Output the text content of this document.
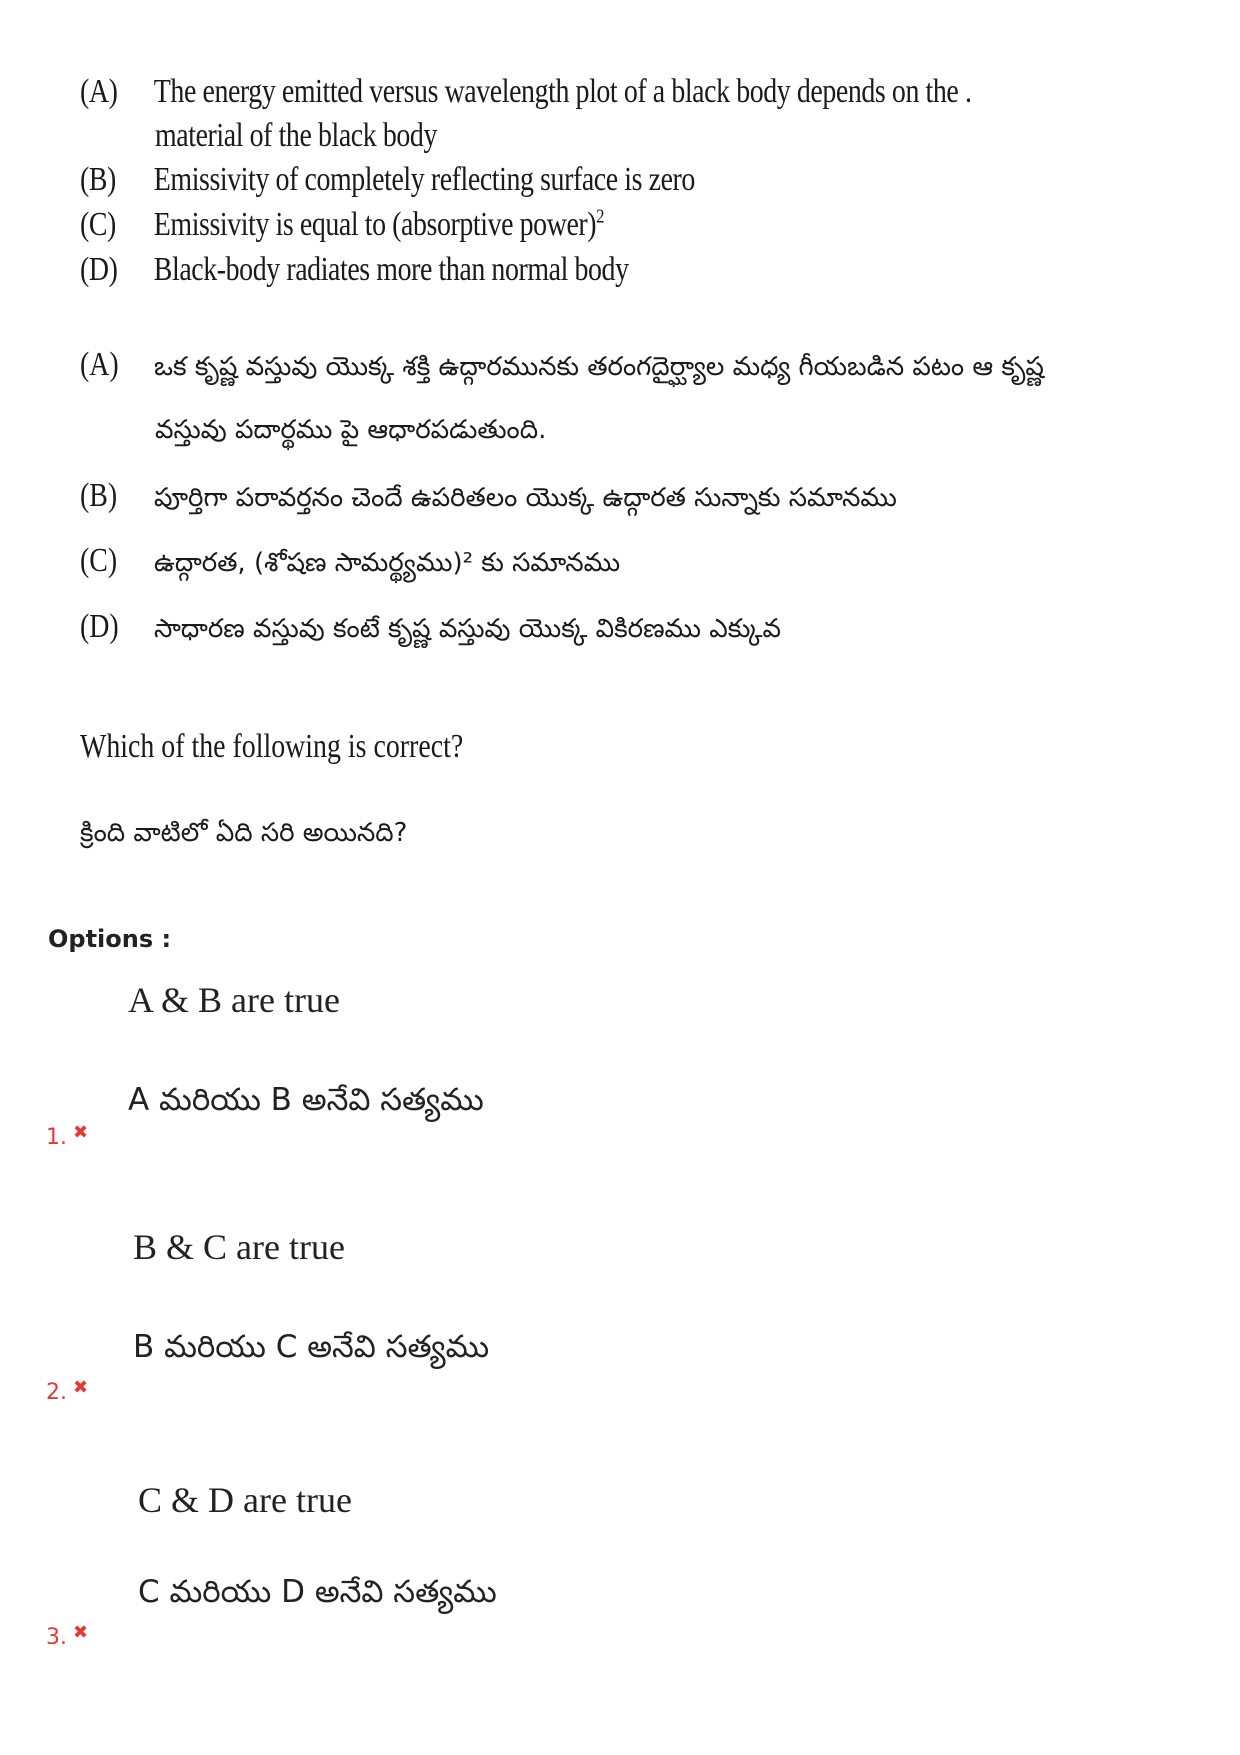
(A) The energy emitted versus wavelength plot of a black body depends on the .
material of the black body
(B) Emissivity of completely reflecting surface is zero
(C) Emissivity is equal to (absorptive power)$^2$
(D) Black-body radiates more than normal body
(A) ఒక కృష్ణ వస్తువు యొక్క శక్తి ఉద్గారమునకు తరంగదైర్ఘ్యాల మధ్య గీయబడిన పటం ఆ కృష్ణ
వస్తువు పదార్థము పై ఆధారపడుతుంది.
(B) పూర్తిగా పరావర్తనం చెందే ఉపరితలం యొక్క ఉద్గారత సున్నాకు సమానము
(C) ఉద్గారత, (శోషణ సామర్థ్యము)² కు సమానము
(D) సాధారణ వస్తువు కంటే కృష్ణ వస్తువు యొక్క వికిరణము ఎక్కువ
Which of the following is correct?
క్రింది వాటిలో ఏది సరి అయినది?
Options :
A & B are true
A మరియు B అనేవి సత్యము
1. ✖
B & C are true
B మరియు C అనేవి సత్యము
2. ✖
C & D are true
C మరియు D అనేవి సత్యము
3. ✖
